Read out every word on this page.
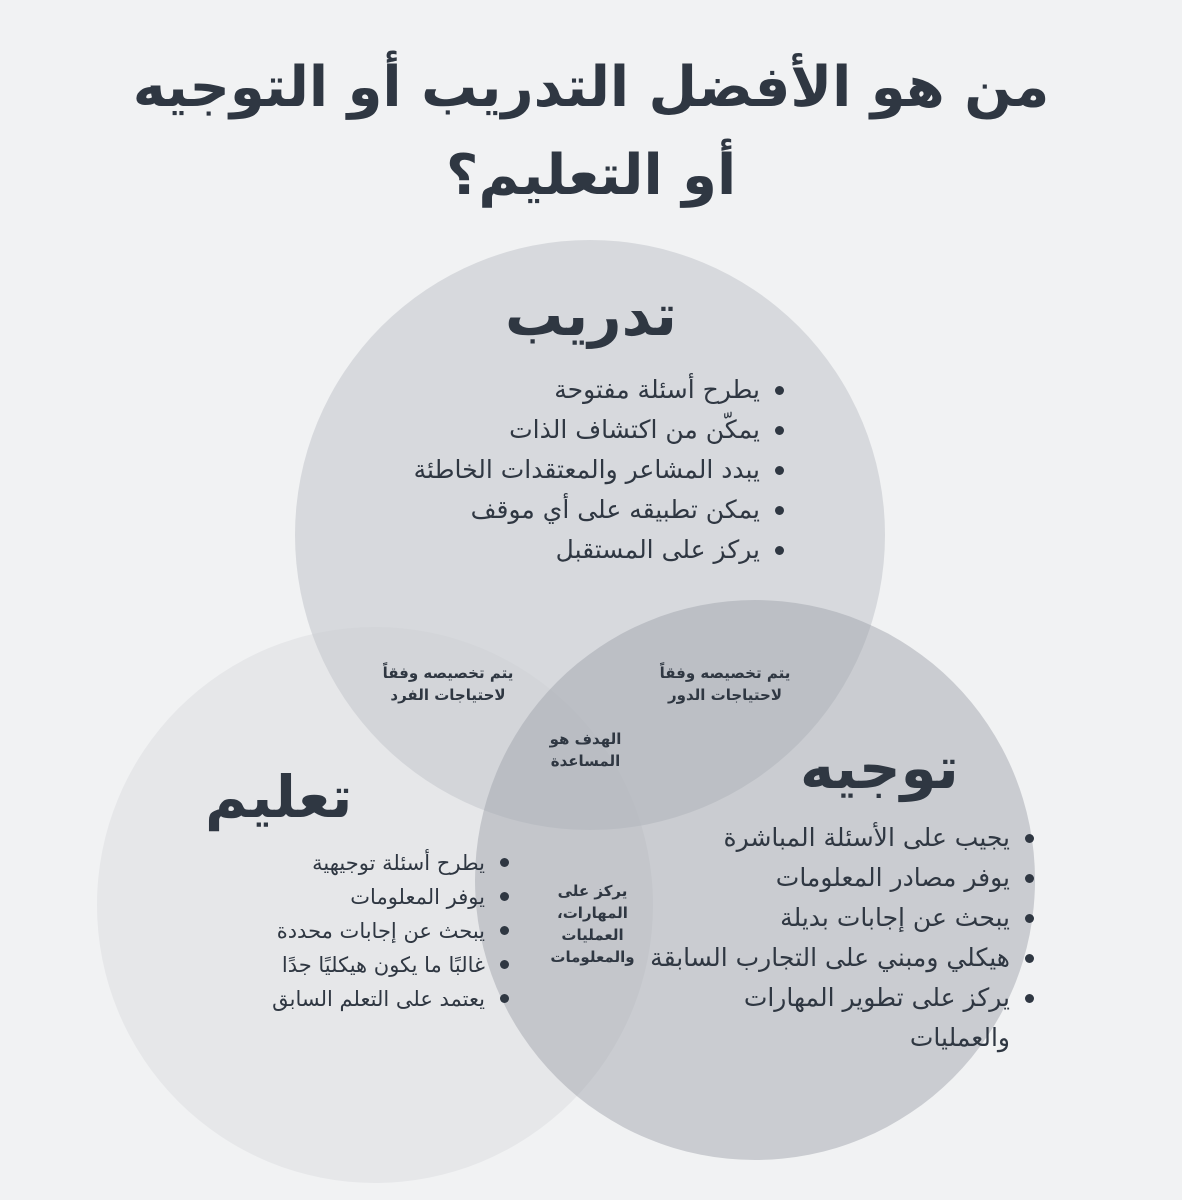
من هو الأفضل التدريب أو التوجيه
أو التعليم؟
تدريب
يطرح أسئلة مفتوحة
يمكّن من اكتشاف الذات
يبدد المشاعر والمعتقدات الخاطئة
يمكن تطبيقه على أي موقف
يركز على المستقبل
توجيه
يجيب على الأسئلة المباشرة
يوفر مصادر المعلومات
يبحث عن إجابات بديلة
هيكلي ومبني على التجارب السابقة
يركز على تطوير المهارات والعمليات
تعليم
يطرح أسئلة توجيهية
يوفر المعلومات
يبحث عن إجابات محددة
غالبًا ما يكون هيكليًا جدًا
يعتمد على التعلم السابق
يتم تخصيصه وفقاً لاحتياجات الفرد
يتم تخصيصه وفقاً لاحتياجات الدور
الهدف هو المساعدة
يركز على المهارات، العمليات والمعلومات
